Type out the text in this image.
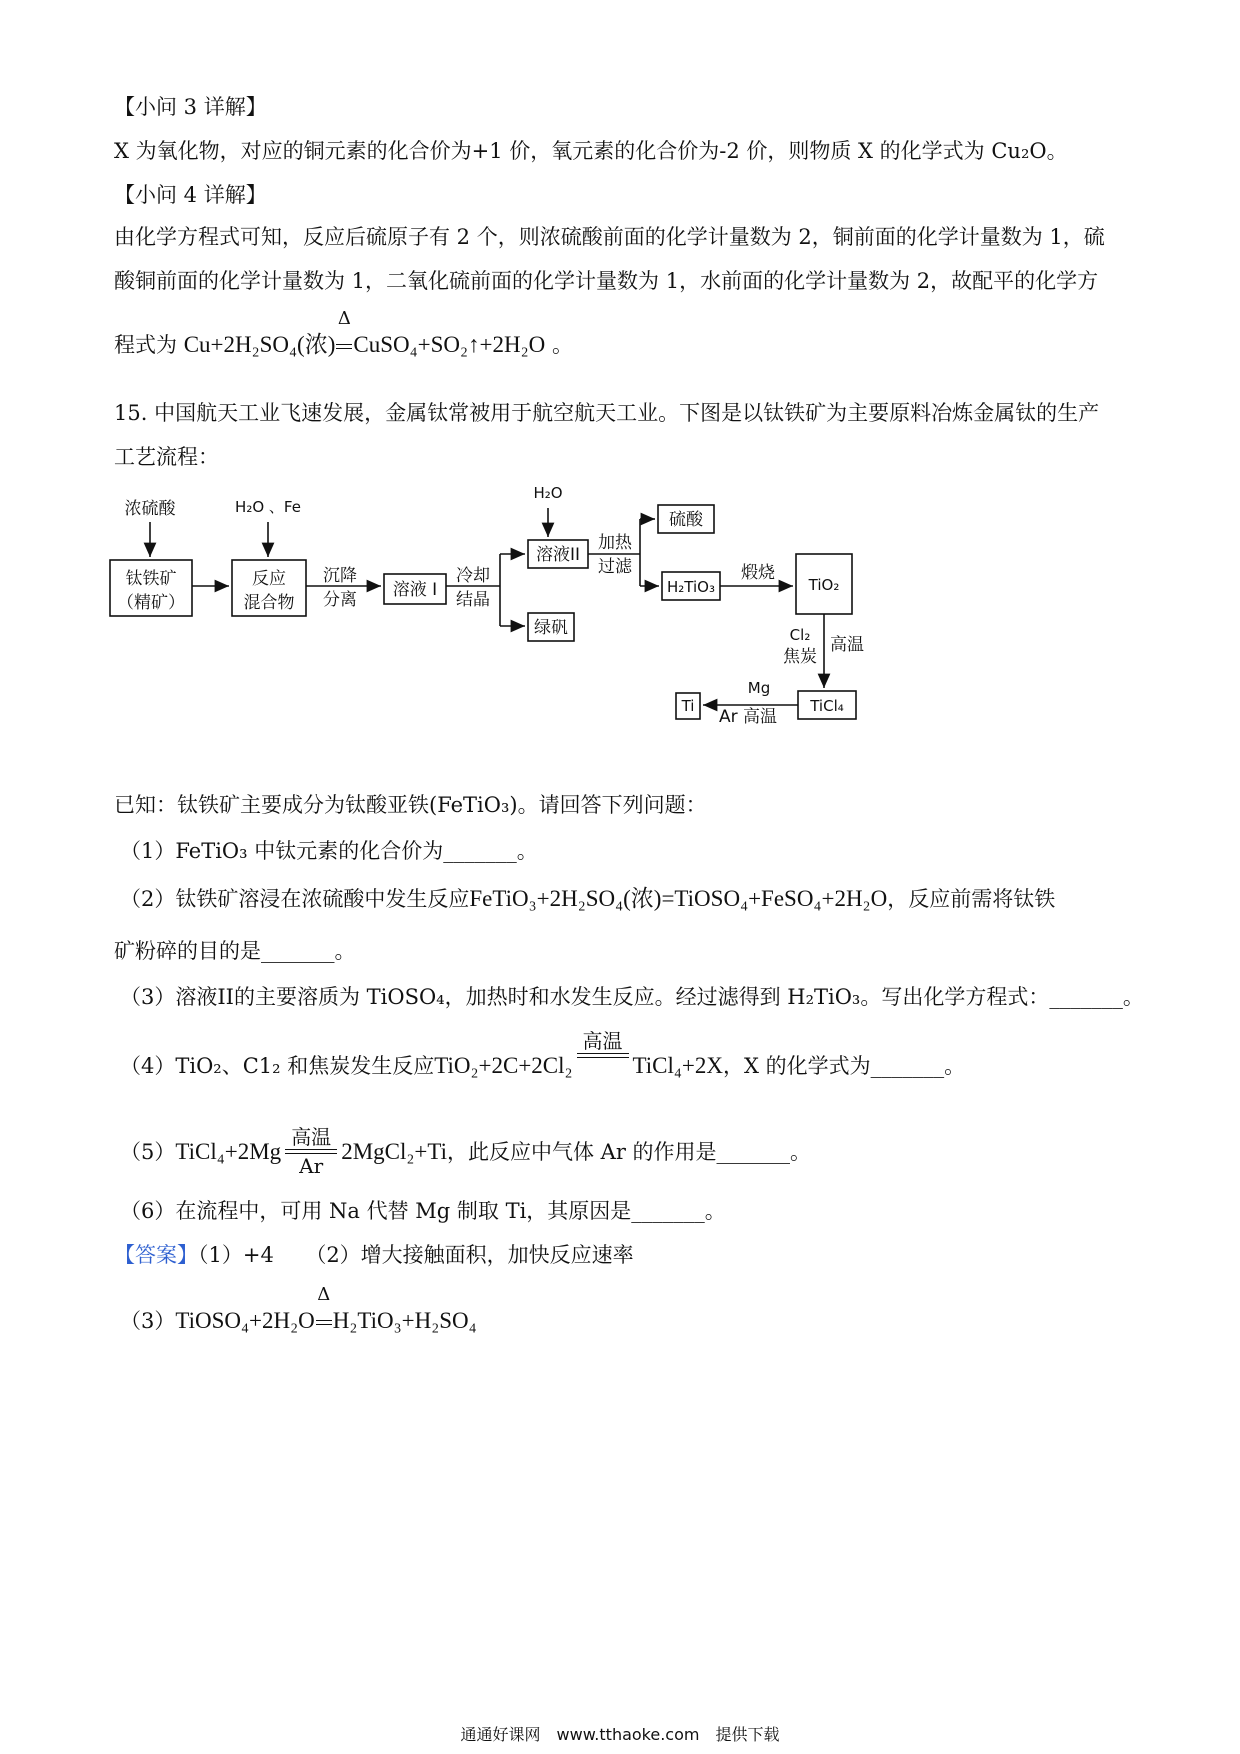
【小问 3 详解】
X 为氧化物，对应的铜元素的化合价为+1 价，氧元素的化合价为-2 价，则物质 X 的化学式为 Cu₂O。
【小问 4 详解】
由化学方程式可知，反应后硫原子有 2 个，则浓硫酸前面的化学计量数为 2，铜前面的化学计量数为 1，硫
酸铜前面的化学计量数为 1，二氧化硫前面的化学计量数为 1，水前面的化学计量数为 2，故配平的化学方
程式为 Cu+2H₂SO₄(浓)
Δ
CuSO₄+SO₂↑+2H₂O 。
15. 中国航天工业飞速发展，金属钛常被用于航空航天工业。下图是以钛铁矿为主要原料冶炼金属钛的生产
工艺流程：
浓硫酸	H₂O 、Fe
H₂O
钛铁矿
（精矿）
反应
混合物
沉降
分离 溶液 I
冷却
结晶
溶液II
绿矾
加热
过滤
硫酸
H₂TiO₃
煅烧
TiO₂
Cl₂
焦炭
高温
TiCl₄
Mg
Ar 高温
Ti
已知：钛铁矿主要成分为钛酸亚铁(FeTiO₃)。请回答下列问题：
（1）FeTiO₃ 中钛元素的化合价为_______。
（2）钛铁矿溶浸在浓硫酸中发生反应FeTiO₃+2H₂SO₄(浓)=TiOSO₄+FeSO₄+2H₂O，反应前需将钛铁
矿粉碎的目的是_______。
（3）溶液II的主要溶质为 TiOSO₄，加热时和水发生反应。经过滤得到 H₂TiO₃。写出化学方程式：_______。
（4）TiO₂、C1₂ 和焦炭发生反应TiO₂+2C+2Cl₂
高温

TiCl₄+2X，X 的化学式为_______。
（5）TiCl₄+2Mg
高温
Ar
2MgCl₂+Ti，此反应中气体 Ar 的作用是_______。
（6）在流程中，可用 Na 代替 Mg 制取 Ti，其原因是_______。
【答案】（1）+4　　（2）增大接触面积，加快反应速率
（3）TiOSO₄+2H₂O
Δ
H₂TiO₃+H₂SO₄
通通好课网　www.tthaoke.com　提供下载
